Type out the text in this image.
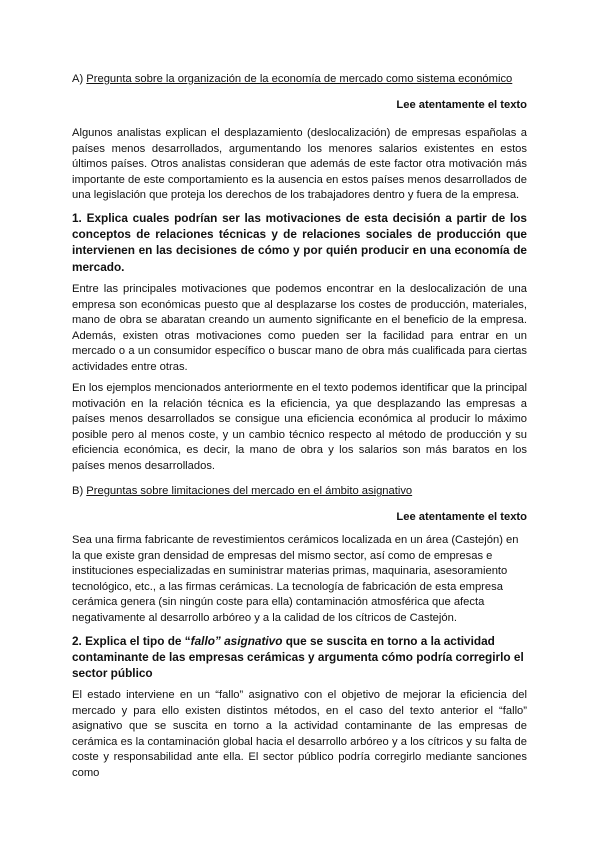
A) Pregunta sobre la organización de la economía de mercado como sistema económico

Lee atentamente el texto

Algunos analistas explican el desplazamiento (deslocalización) de empresas españolas a países menos desarrollados, argumentando los menores salarios existentes en estos últimos países. Otros analistas consideran que además de este factor otra motivación más importante de este comportamiento es la ausencia en estos países menos desarrollados de una legislación que proteja los derechos de los trabajadores dentro y fuera de la empresa.

1. Explica cuales podrían ser las motivaciones de esta decisión a partir de los conceptos de relaciones técnicas y de relaciones sociales de producción que intervienen en las decisiones de cómo y por quién producir en una economía de mercado.

Entre las principales motivaciones que podemos encontrar en la deslocalización de una empresa son económicas puesto que al desplazarse los costes de producción, materiales, mano de obra se abaratan creando un aumento significante en el beneficio de la empresa. Además, existen otras motivaciones como pueden ser la facilidad para entrar en un mercado o a un consumidor específico o buscar mano de obra más cualificada para ciertas actividades entre otras.

En los ejemplos mencionados anteriormente en el texto podemos identificar que la principal motivación en la relación técnica es la eficiencia, ya que desplazando las empresas a países menos desarrollados se consigue una eficiencia económica al producir lo máximo posible pero al menos coste, y un cambio técnico respecto al método de producción y su eficiencia económica, es decir, la mano de obra y los salarios son más baratos en los países menos desarrollados.

B) Preguntas sobre limitaciones del mercado en el ámbito asignativo

Lee atentamente el texto

Sea una firma fabricante de revestimientos cerámicos localizada en un área (Castejón) en la que existe gran densidad de empresas del mismo sector, así como de empresas e instituciones especializadas en suministrar materias primas, maquinaria, asesoramiento tecnológico, etc., a las firmas cerámicas. La tecnología de fabricación de esta empresa cerámica genera (sin ningún coste para ella) contaminación atmosférica que afecta negativamente al desarrollo arbóreo y a la calidad de los cítricos de Castejón.

2. Explica el tipo de “fallo” asignativo que se suscita en torno a la actividad contaminante de las empresas cerámicas y argumenta cómo podría corregirlo el sector público

El estado interviene en un “fallo” asignativo con el objetivo de mejorar la eficiencia del mercado y para ello existen distintos métodos, en el caso del texto anterior el “fallo” asignativo que se suscita en torno a la actividad contaminante de las empresas de cerámica es la contaminación global hacia el desarrollo arbóreo y a los cítricos y su falta de coste y responsabilidad ante ella. El sector público podría corregirlo mediante sanciones como
